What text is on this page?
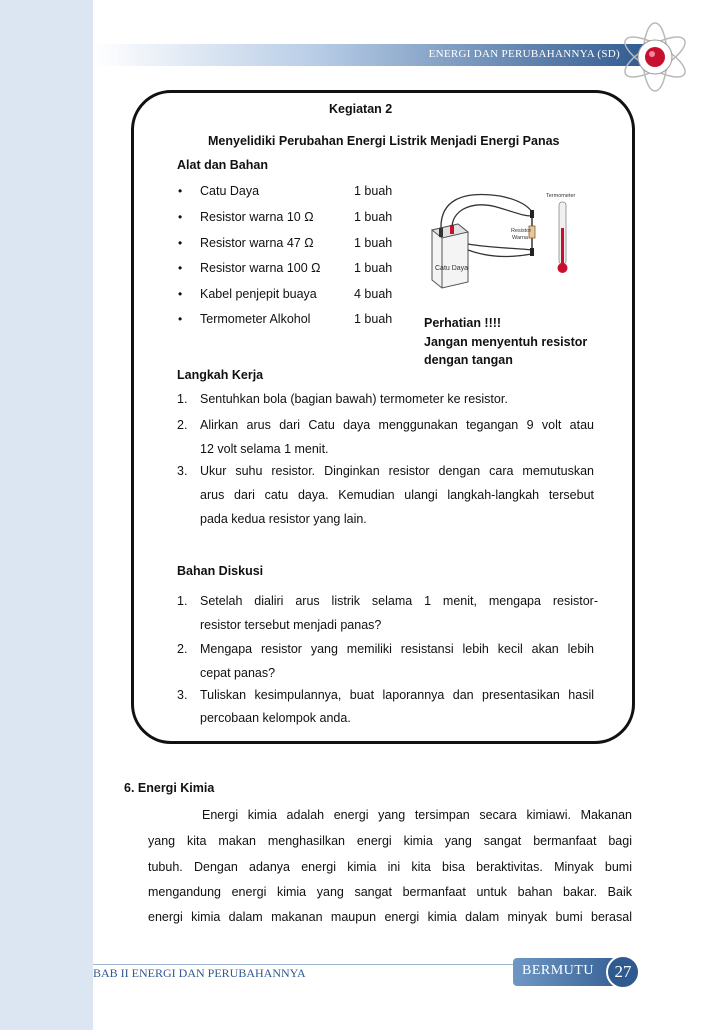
ENERGI DAN PERUBAHANNYA (SD)
Kegiatan 2
Menyelidiki Perubahan Energi Listrik Menjadi Energi Panas
Alat dan Bahan
• Catu Daya	1 buah
• Resistor warna 10 Ω	1 buah
• Resistor warna 47 Ω	1 buah
• Resistor warna 100 Ω	1 buah
• Kabel penjepit buaya	4 buah
• Termometer Alkohol	1 buah
Termometer
Resistor
Warna
Catu Daya
Perhatian !!!!
Jangan menyentuh resistor
dengan tangan
Langkah Kerja
1. Sentuhkan bola (bagian bawah) termometer ke resistor.
2. Alirkan arus dari Catu daya menggunakan tegangan 9 volt atau
12 volt selama 1 menit.
3. Ukur suhu resistor. Dinginkan resistor dengan cara memutuskan
arus dari catu daya. Kemudian ulangi langkah-langkah tersebut
pada kedua resistor yang lain.
Bahan Diskusi
1. Setelah dialiri arus listrik selama 1 menit, mengapa resistor-
resistor tersebut menjadi panas?
2. Mengapa resistor yang memiliki resistansi lebih kecil akan lebih
cepat panas?
3. Tuliskan kesimpulannya, buat laporannya dan presentasikan hasil
percobaan kelompok anda.
6. Energi Kimia
Energi kimia adalah energi yang tersimpan secara kimiawi. Makanan
yang kita makan menghasilkan energi kimia yang sangat bermanfaat bagi
tubuh. Dengan adanya energi kimia ini kita bisa beraktivitas. Minyak bumi
mengandung energi kimia yang sangat bermanfaat untuk bahan bakar. Baik
energi kimia dalam makanan maupun energi kimia dalam minyak bumi berasal
BAB II ENERGI DAN PERUBAHANNYA	BERMUTU	27
